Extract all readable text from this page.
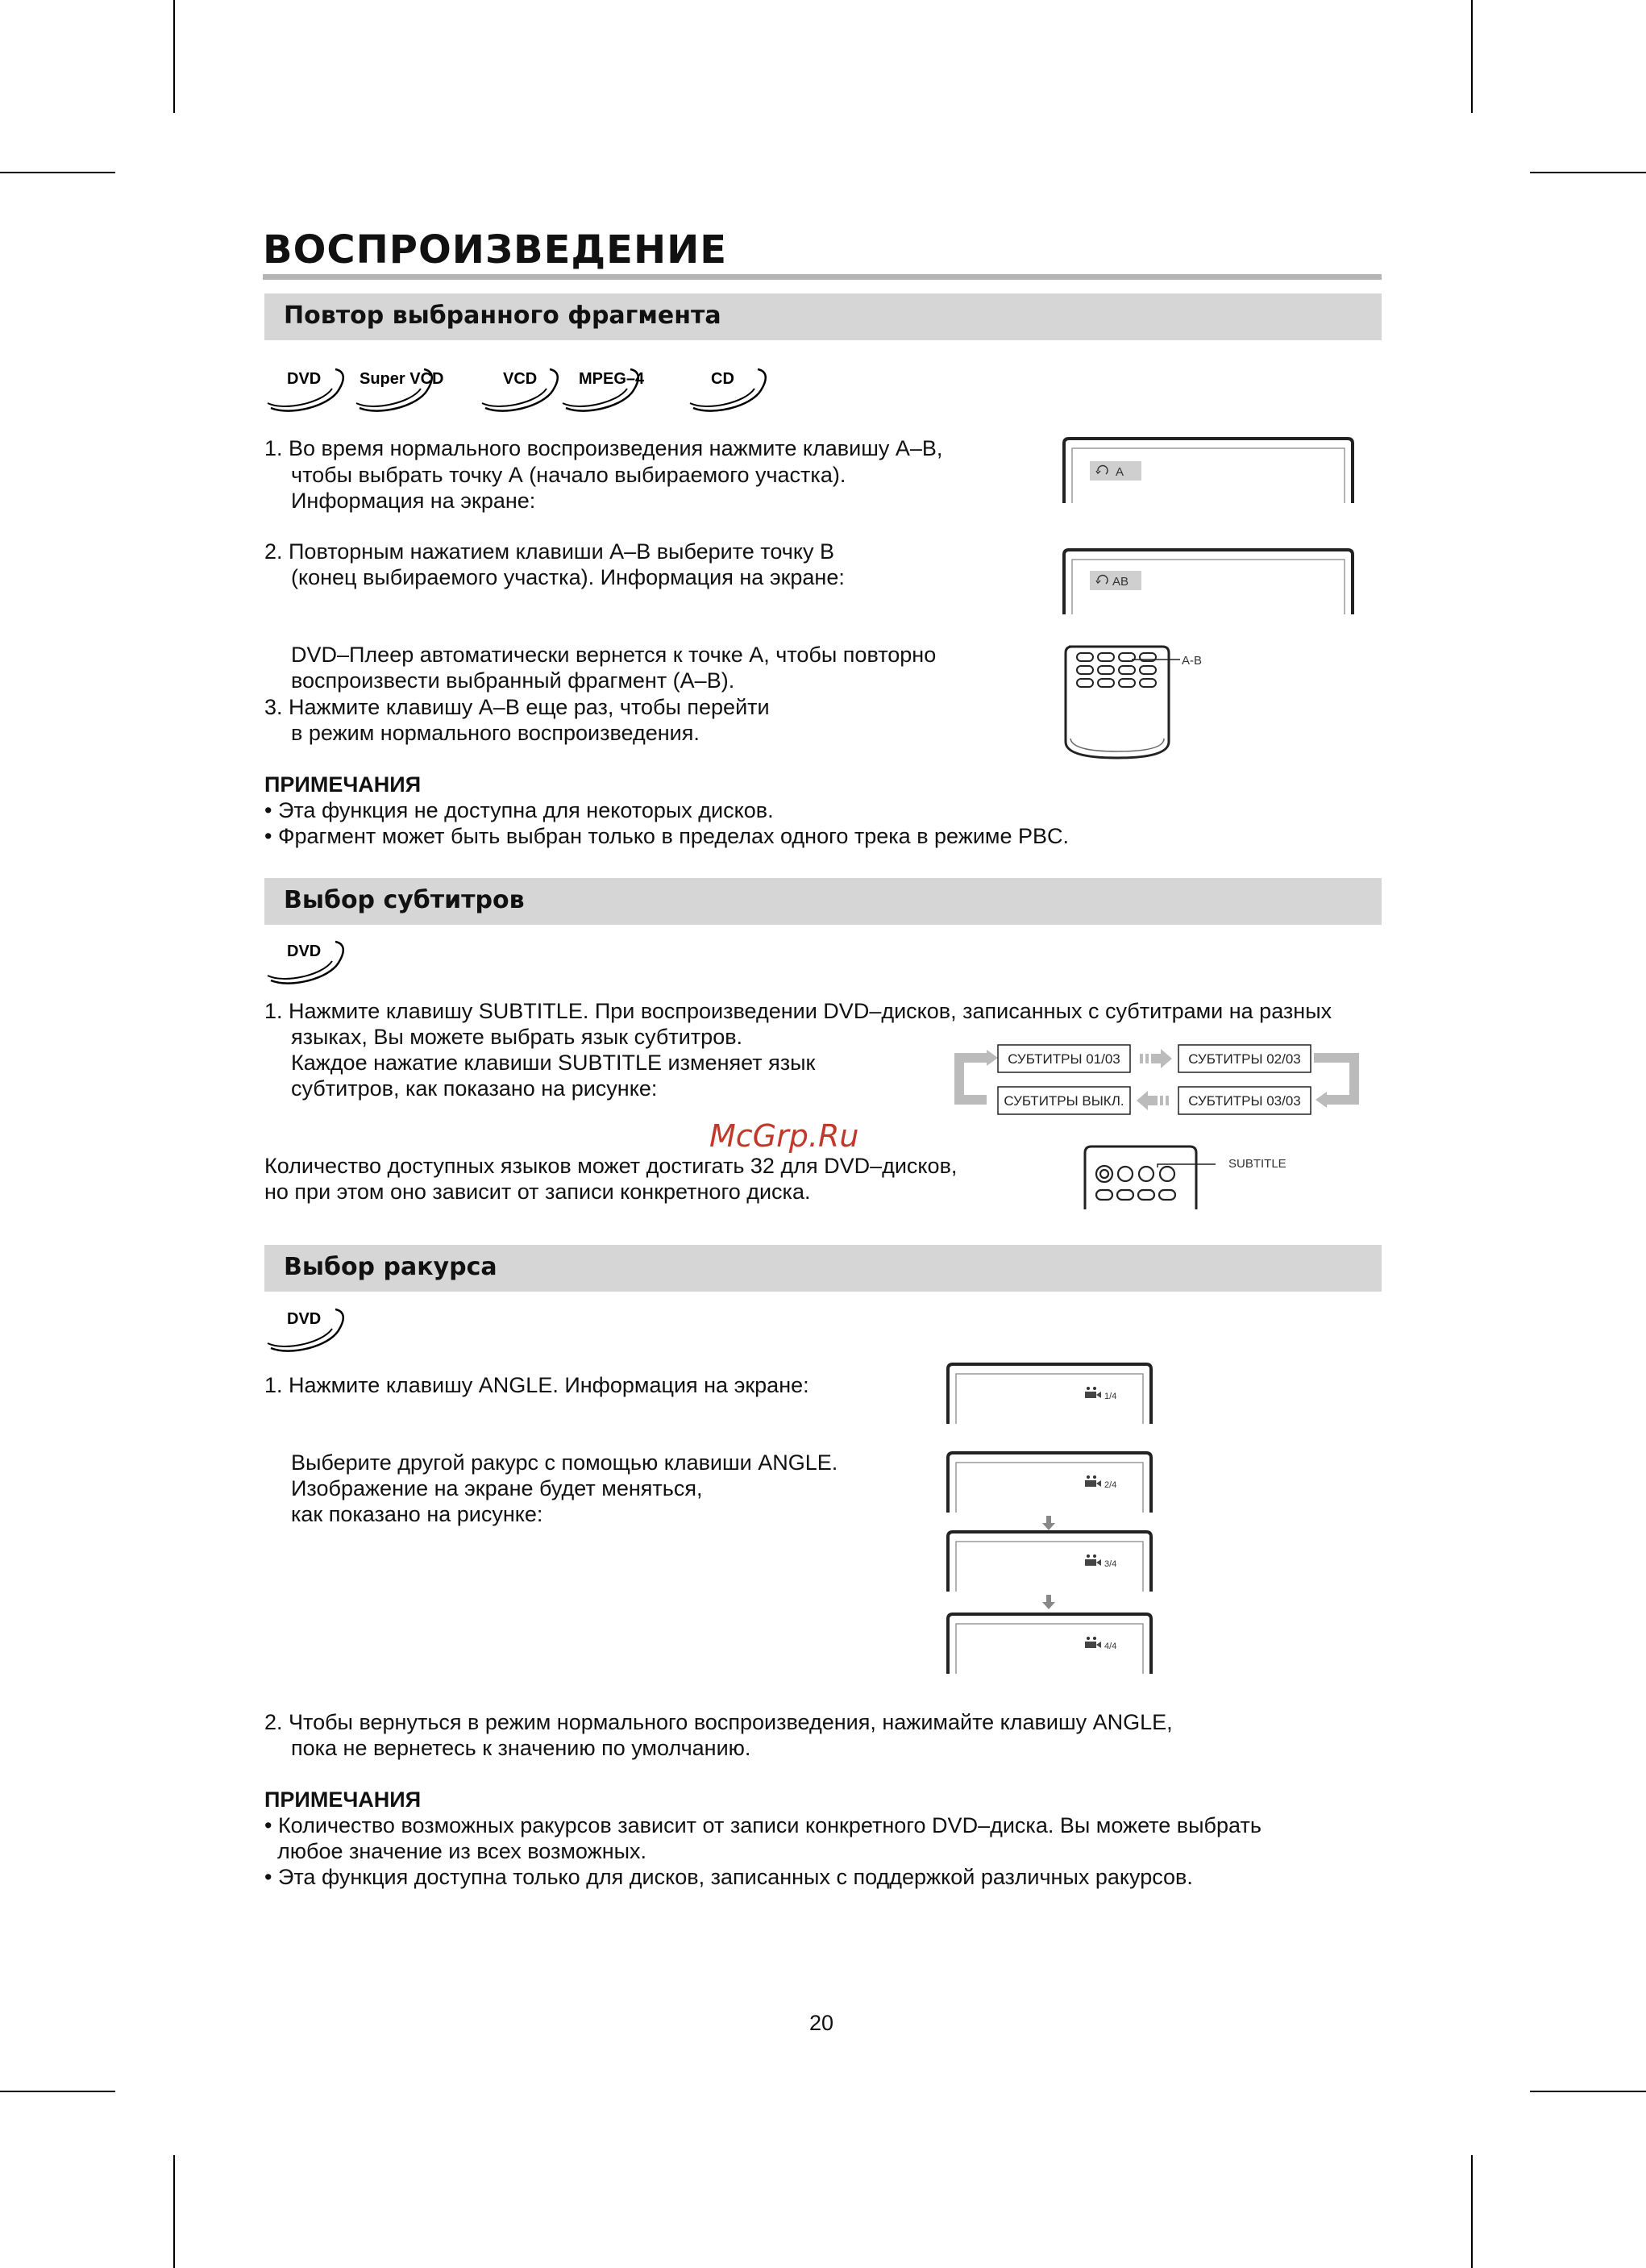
ВОСПРОИЗВЕДЕНИЕ
Повтор выбранного фрагмента
DVD Super VCD	VCD	MPEG–4	CD
1. Во время нормального воспроизведения нажмите клавишу А–В,
чтобы выбрать точку А (начало выбираемого участка).
Информация на экране:
2. Повторным нажатием клавиши А–В выберите точку В
(конец выбираемого участка). Информация на экране:
DVD–Плеер автоматически вернется к точке А, чтобы повторно
воспроизвести выбранный фрагмент (А–В).
3. Нажмите клавишу А–В еще раз, чтобы перейти
в режим нормального воспроизведения.
A
AB
A-B
ПРИМЕЧАНИЯ
• Эта функция не доступна для некоторых дисков.
• Фрагмент может быть выбран только в пределах одного трека в режиме PBC.
Выбор субтитров
DVD
1. Нажмите клавишу SUBTITLE. При воспроизведении DVD–дисков, записанных с субтитрами на разных
языках, Вы можете выбрать язык субтитров.
Каждое нажатие клавиши SUBTITLE изменяет язык
субтитров, как показано на рисунке:
Количество доступных языков может достигать 32 для DVD–дисков,
но при этом оно зависит от записи конкретного диска.
СУБТИТРЫ 01/03	СУБТИТРЫ 02/03
СУБТИТРЫ 03/03
СУБТИТРЫ ВЫКЛ.
SUBTITLE
McGrp.Ru
Выбор ракурса
DVD
1. Нажмите клавишу ANGLE. Информация на экране:
Выберите другой ракурс с помощью клавиши ANGLE.
Изображение на экране будет меняться,
как показано на рисунке:
1/4
2/4
3/4
4/4
2. Чтобы вернуться в режим нормального воспроизведения, нажимайте клавишу ANGLE,
пока не вернетесь к значению по умолчанию.
ПРИМЕЧАНИЯ
• Количество возможных ракурсов зависит от записи конкретного DVD–диска. Вы можете выбрать
любое значение из всех возможных.
• Эта функция доступна только для дисков, записанных с поддержкой различных ракурсов.
20
